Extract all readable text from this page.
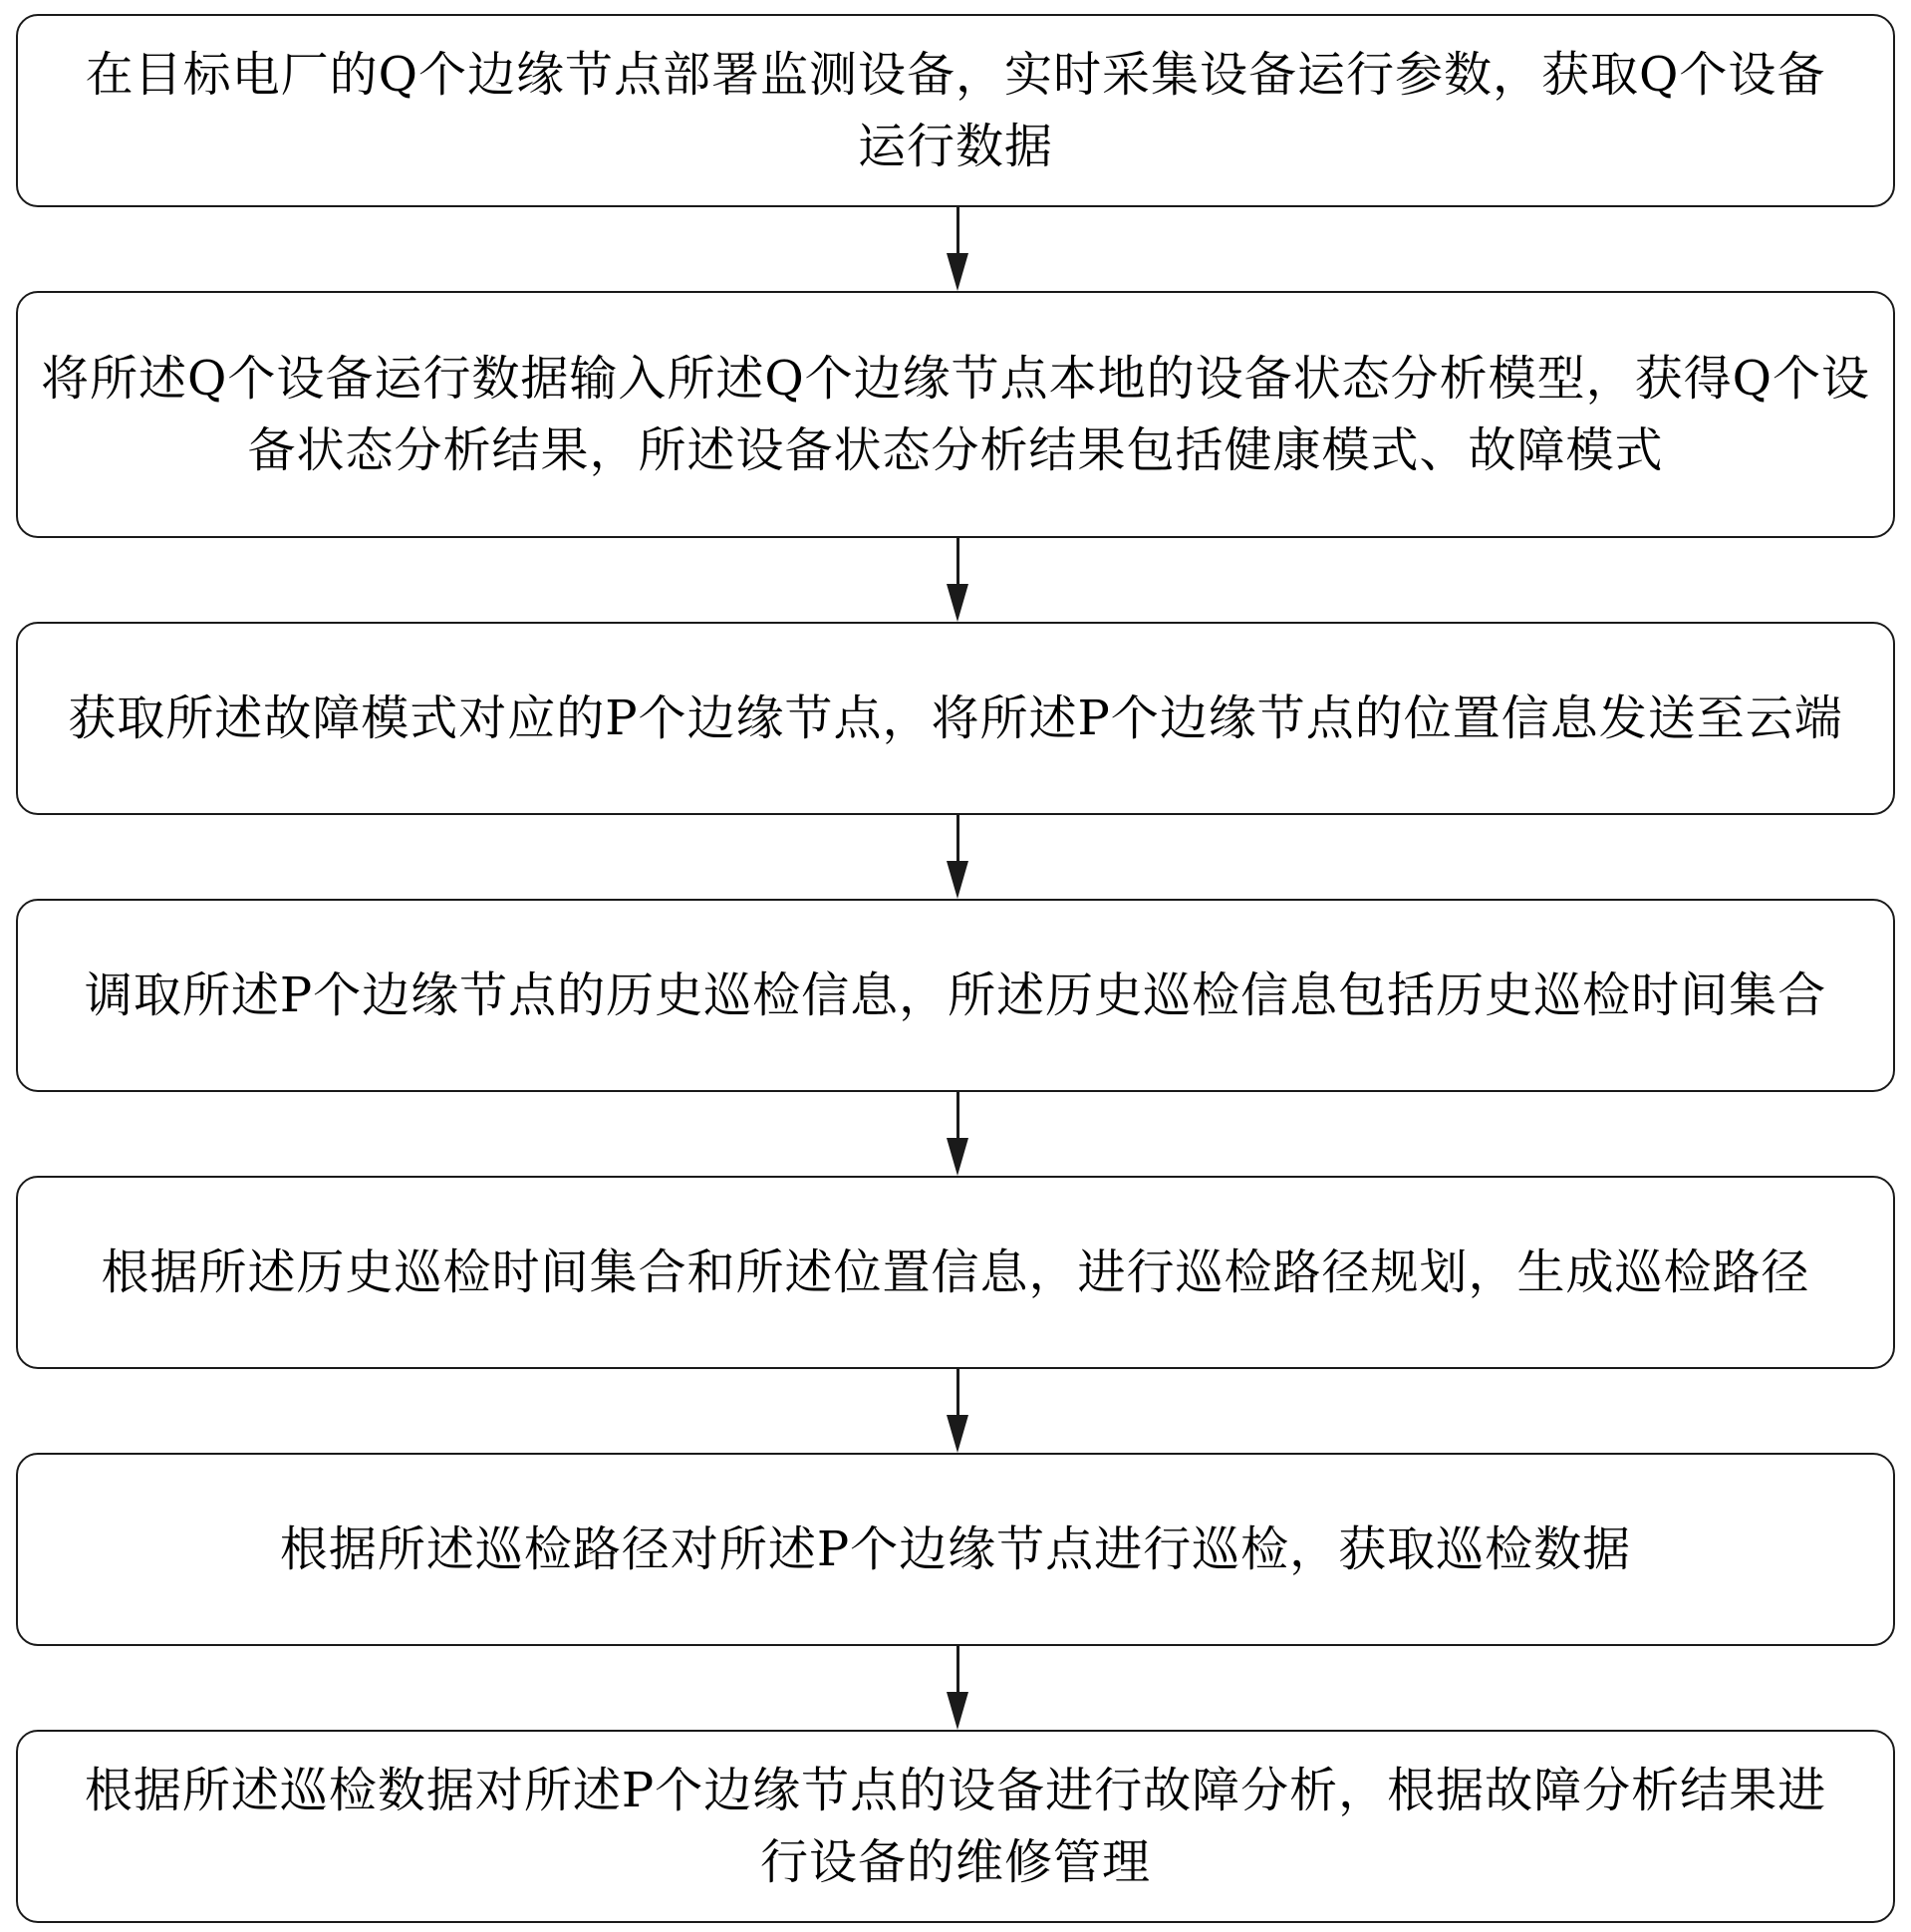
在目标电厂的Q个边缘节点部署监测设备，实时采集设备运行参数，获取Q个设备运行数据
将所述Q个设备运行数据输入所述Q个边缘节点本地的设备状态分析模型，获得Q个设备状态分析结果，所述设备状态分析结果包括健康模式、故障模式
获取所述故障模式对应的P个边缘节点，将所述P个边缘节点的位置信息发送至云端
调取所述P个边缘节点的历史巡检信息，所述历史巡检信息包括历史巡检时间集合
根据所述历史巡检时间集合和所述位置信息，进行巡检路径规划，生成巡检路径
根据所述巡检路径对所述P个边缘节点进行巡检，获取巡检数据
根据所述巡检数据对所述P个边缘节点的设备进行故障分析，根据故障分析结果进行设备的维修管理
